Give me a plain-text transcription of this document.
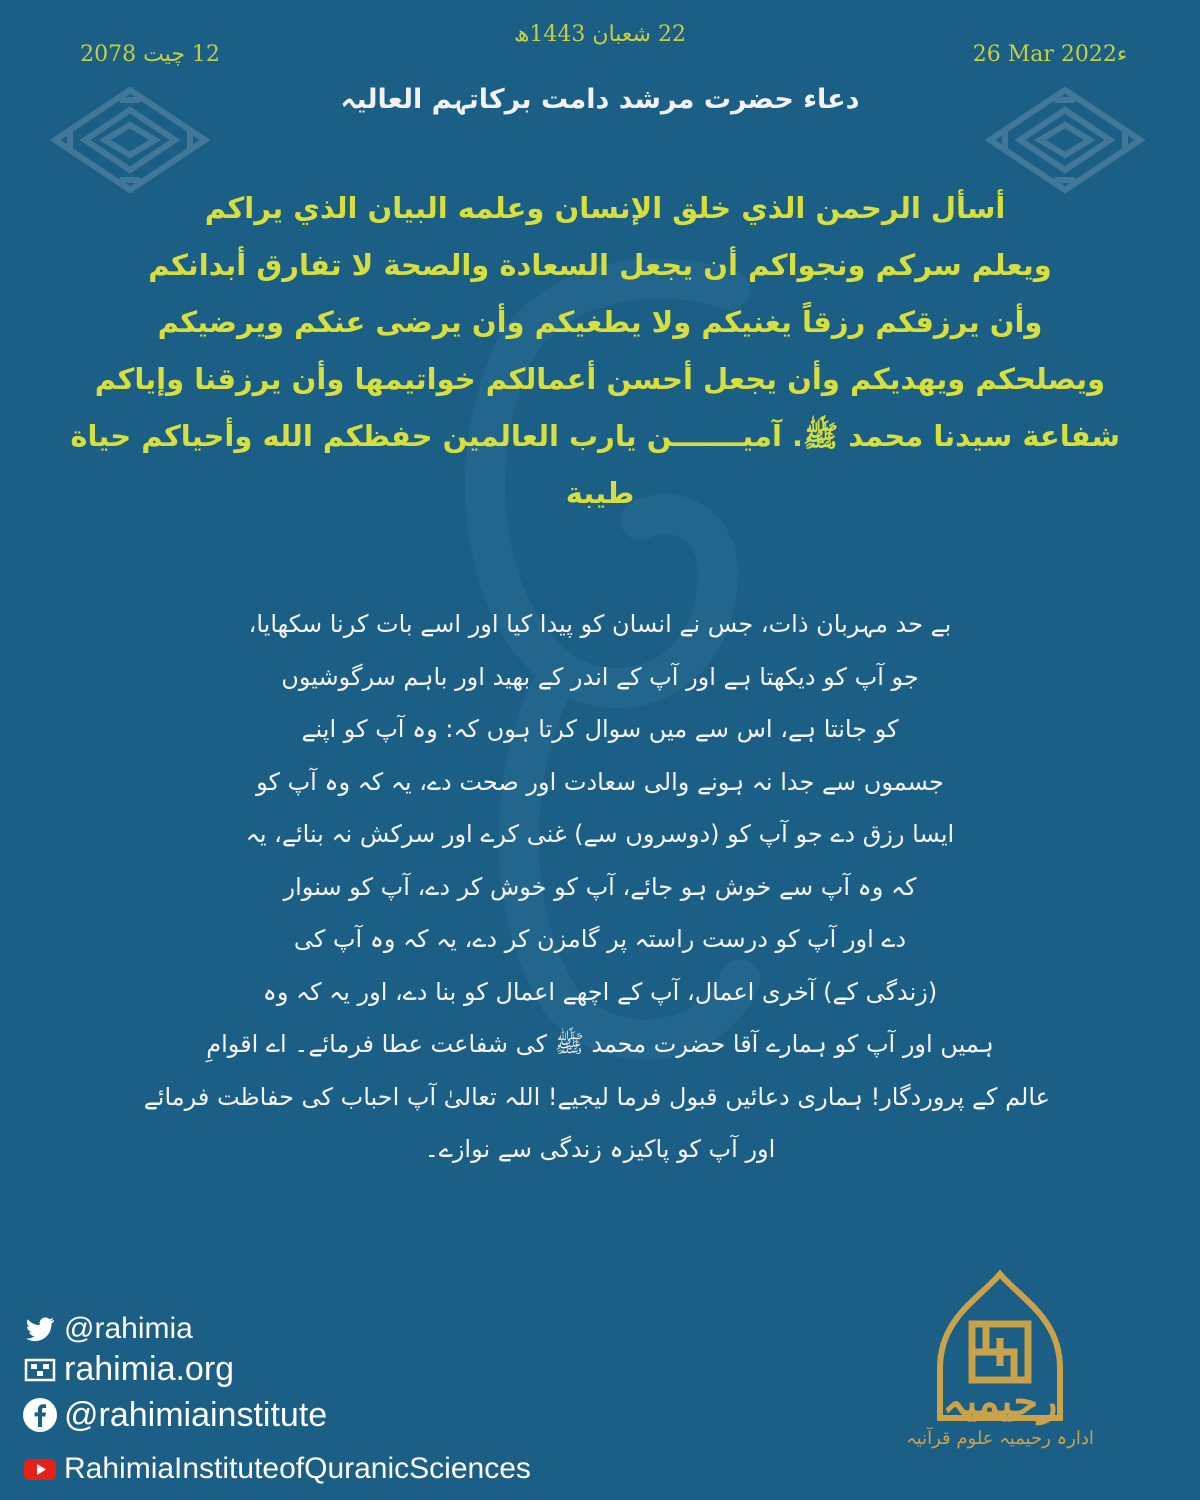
22 شعبان 1443ھ
12 چیت 2078	26 Mar 2022ء
دعاء حضرت مرشد دامت برکاتہم العالیہ
أسأل الرحمن الذي خلق الإنسان وعلمه البيان الذي يراكم ‏
ويعلم سركم ونجواكم أن يجعل السعادة والصحة لا تفارق أبدانكم
وأن يرزقكم رزقاً يغنيكم ولا يطغيكم وأن يرضى عنكم ويرضيكم
ويصلحكم ويهديكم وأن يجعل أحسن أعمالكم خواتيمها وأن يرزقنا وإياكم
شفاعة سيدنا محمد ﷺ. آميـــــــن يارب العالمين حفظكم الله وأحياكم حياة
طيبة
بے حد مہربان ذات، جس نے انسان کو پیدا کیا اور اسے بات کرنا سکھایا،
جو آپ کو دیکھتا ہے اور آپ کے اندر کے بھید اور باہم سرگوشیوں
کو جانتا ہے، اس سے میں سوال کرتا ہوں کہ: وہ آپ کو اپنے
جسموں سے جدا نہ ہونے والی سعادت اور صحت دے، یہ کہ وہ آپ کو
ایسا رزق دے جو آپ کو (دوسروں سے) غنی کرے اور سرکش نہ بنائے، یہ
کہ وہ آپ سے خوش ہو جائے، آپ کو خوش کر دے، آپ کو سنوار
دے اور آپ کو درست راستہ پر گامزن کر دے، یہ کہ وہ آپ کی
(زندگی کے) آخری اعمال، آپ کے اچھے اعمال کو بنا دے، اور یہ کہ وہ
ہمیں اور آپ کو ہمارے آقا حضرت محمد ﷺ کی شفاعت عطا فرمائے۔ اے اقوامِ
عالم کے پروردگار! ہماری دعائیں قبول فرما لیجیے! اللہ تعالیٰ آپ احباب کی حفاظت فرمائے
اور آپ کو پاکیزہ زندگی سے نوازے۔
@rahimia
rahimia.org
@rahimiainstitute
RahimiaInstituteofQuranicSciences
رحیمیہ
ادارہ رحیمیہ علوم قرآنیہ
